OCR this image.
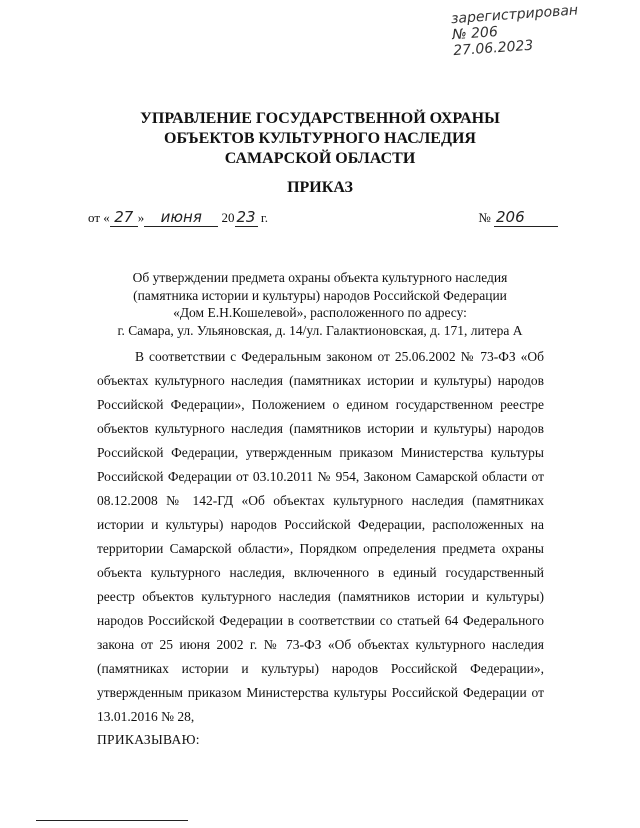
зарегистрирован
№ 206
27.06.2023
УПРАВЛЕНИЕ ГОСУДАРСТВЕННОЙ ОХРАНЫ
ОБЪЕКТОВ КУЛЬТУРНОГО НАСЛЕДИЯ
САМАРСКОЙ ОБЛАСТИ
ПРИКАЗ
от « 27 » июня 20 23 г.	№ 206
Об утверждении предмета охраны объекта культурного наследия
(памятника истории и культуры) народов Российской Федерации
«Дом Е.Н.Кошелевой», расположенного по адресу:
г. Самара, ул. Ульяновская, д. 14/ул. Галактионовская, д. 171, литера А
В соответствии с Федеральным законом от 25.06.2002 № 73-ФЗ «Об объектах культурного наследия (памятниках истории и культуры) народов Российской Федерации», Положением о едином государственном реестре объектов культурного наследия (памятников истории и культуры) народов Российской Федерации, утвержденным приказом Министерства культуры Российской Федерации от 03.10.2011 № 954, Законом Самарской области от 08.12.2008 № 142-ГД «Об объектах культурного наследия (памятниках истории и культуры) народов Российской Федерации, расположенных на территории Самарской области», Порядком определения предмета охраны объекта культурного наследия, включенного в единый государственный реестр объектов культурного наследия (памятников истории и культуры) народов Российской Федерации в соответствии со статьей 64 Федерального закона от 25 июня 2002 г. № 73-ФЗ «Об объектах культурного наследия (памятниках истории и культуры) народов Российской Федерации», утвержденным приказом Министерства культуры Российской Федерации от 13.01.2016 № 28,
ПРИКАЗЫВАЮ:
